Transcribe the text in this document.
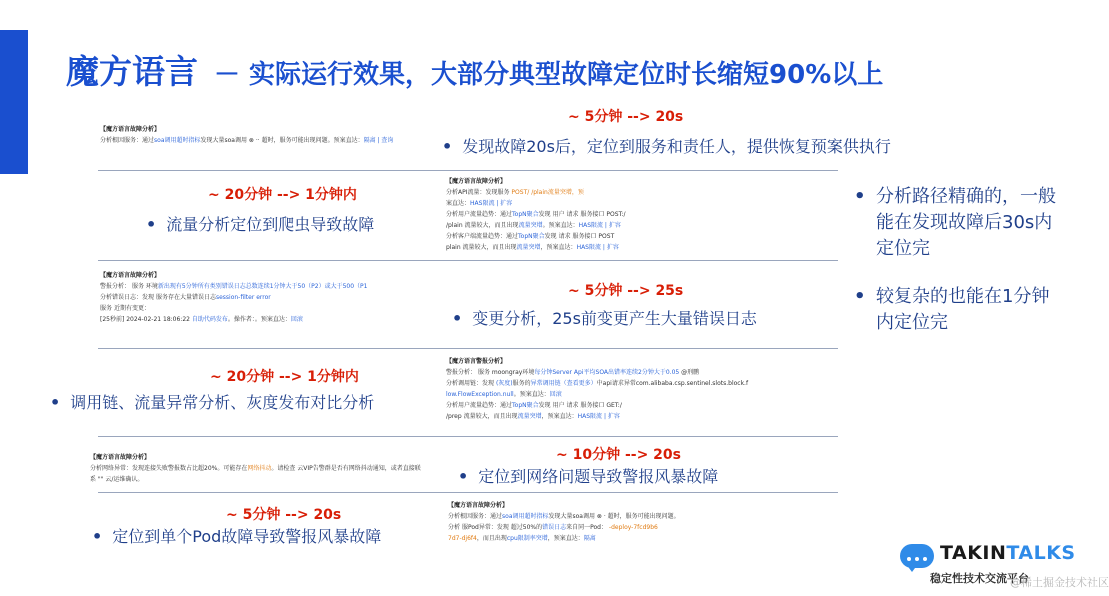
魔方语言 － 实际运行效果，大部分典型故障定位时长缩短90%以上
【魔方语言故障分析】
分析根因服务：通过soa调用超时指标发现大量soa调用 ⊗ ·· 超时，服务可能出现问题。预案直达：隔离 | 查询
~ 5分钟 --> 20s
• 发现故障20s后，定位到服务和责任人，提供恢复预案供执行
【魔方语言故障分析】
分析API流量：发现服务 POST/ /plain流量突增，预
案直达：HAS限流 | 扩容
分析用户流量趋势：通过TopN聚合发现 用户 请求 服务接口 POST:/
/plain 流量较大，而且出现流量突增。预案直达：HAS限流 | 扩容
分析客户端流量趋势：通过TopN聚合发现 请求 服务接口 POST
plain 流量较大，而且出现流量突增，预案直达：HAS限流 | 扩容
~ 20分钟 --> 1分钟内
• 流量分析定位到爬虫导致故障
【魔方语言故障分析】
警报分析： 服务 环境新出现有5分钟所有类别错误日志总数连续1分钟大于50（P2）或大于500（P1
分析错误日志：发现 服务存在大量错误日志session-filter error
服务 近期有变更：
[25秒前] 2024-02-21 18:06:22 自助代码发布。操作者：。预案直达：回滚
~ 5分钟 --> 25s
• 变更分析，25s前变更产生大量错误日志
【魔方语言警报分析】
警报分析： 服务 moongray环境每分钟Server Api平均SOA出错率连续2分钟大于0.05 @刑鹏
分析调用链：发现 (灰度)服务的异常调用链（查看更多）中api请求异常com.alibaba.csp.sentinel.slots.block.f
low.FlowException.null。预案直达：回滚
分析用户流量趋势：通过TopN聚合发现 用户 请求 服务接口 GET:/
/prep 流量较大，而且出现流量突增，预案直达：HAS限流 | 扩容
~ 20分钟 --> 1分钟内
• 调用链、流量异常分析、灰度发布对比分析
【魔方语言故障分析】
分析网络异常：发现连接失败警报数占比超20%。可能存在网络抖动。请检查 云VIP告警群是否有网络抖动通知，或者直接联
系 "" 云/运维确认。
~ 10分钟 --> 20s
• 定位到网络问题导致警报风暴故障
【魔方语言故障分析】
分析根因服务：通过soa调用超时指标发现大量soa调用 ⊗ · 超时，服务可能出现问题。
分析 服Pod异常：发现 超过50%的错误日志来自同一Pod： -deploy-7fcd9b6
7d7-dj6f4，而且出现cpu限制率突增，预案直达：隔离
~ 5分钟 --> 20s
• 定位到单个Pod故障导致警报风暴故障
• 分析路径精确的，一般能在发现故障后30s内定位完
• 较复杂的也能在1分钟内定位完
TAKINTALKS
稳定性技术交流平台
@稀土掘金技术社区
